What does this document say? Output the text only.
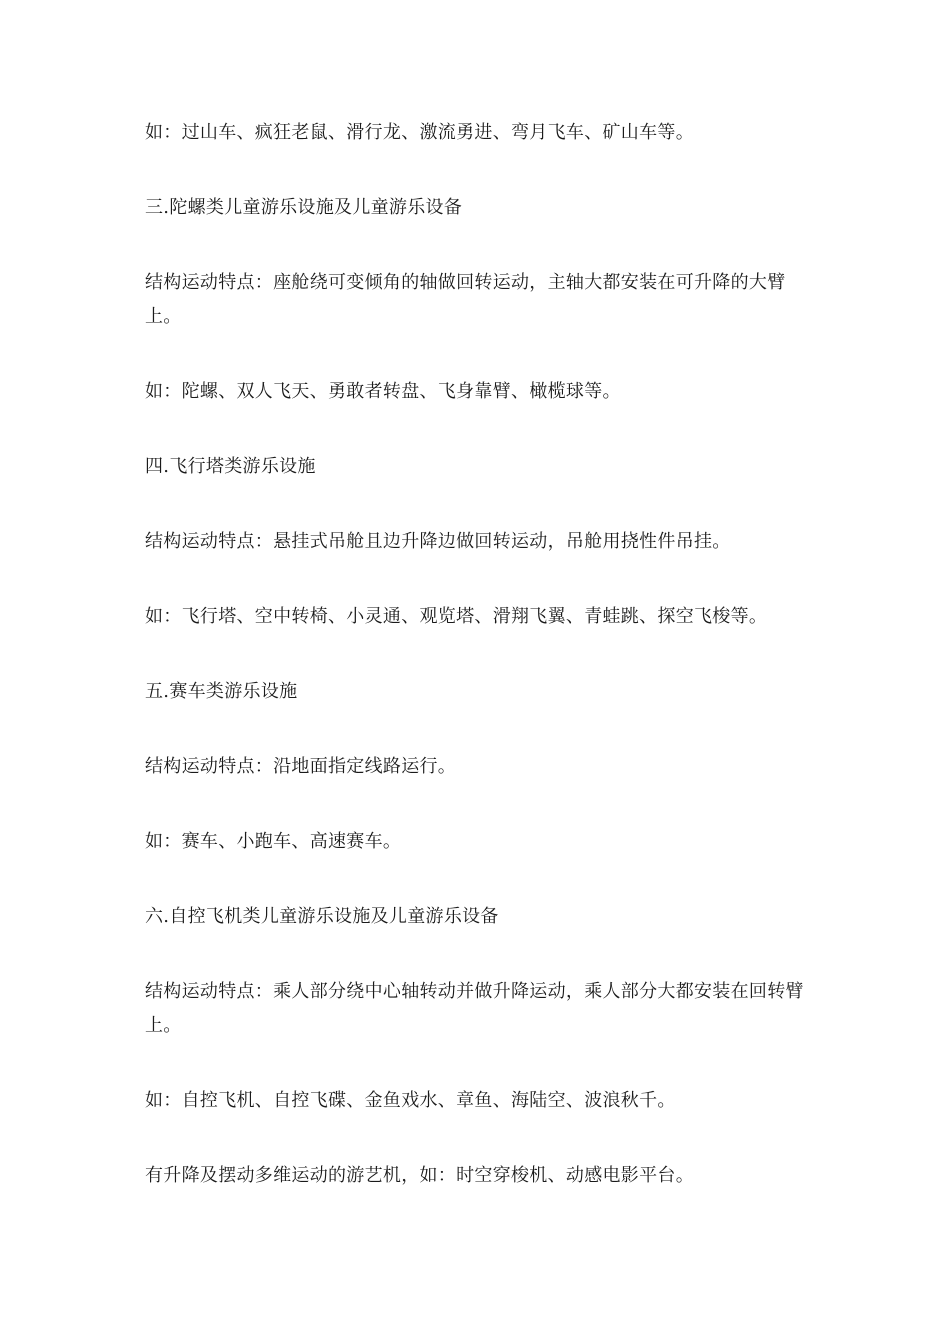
如：过山车、疯狂老鼠、滑行龙、激流勇进、弯月飞车、矿山车等。

三.陀螺类儿童游乐设施及儿童游乐设备

结构运动特点：座舱绕可变倾角的轴做回转运动，主轴大都安装在可升降的大臂上。

如：陀螺、双人飞天、勇敢者转盘、飞身靠臂、橄榄球等。

四.飞行塔类游乐设施

结构运动特点：悬挂式吊舱且边升降边做回转运动，吊舱用挠性件吊挂。

如：飞行塔、空中转椅、小灵通、观览塔、滑翔飞翼、青蛙跳、探空飞梭等。

五.赛车类游乐设施

结构运动特点：沿地面指定线路运行。

如：赛车、小跑车、高速赛车。

六.自控飞机类儿童游乐设施及儿童游乐设备

结构运动特点：乘人部分绕中心轴转动并做升降运动，乘人部分大都安装在回转臂上。

如：自控飞机、自控飞碟、金鱼戏水、章鱼、海陆空、波浪秋千。

有升降及摆动多维运动的游艺机，如：时空穿梭机、动感电影平台。
